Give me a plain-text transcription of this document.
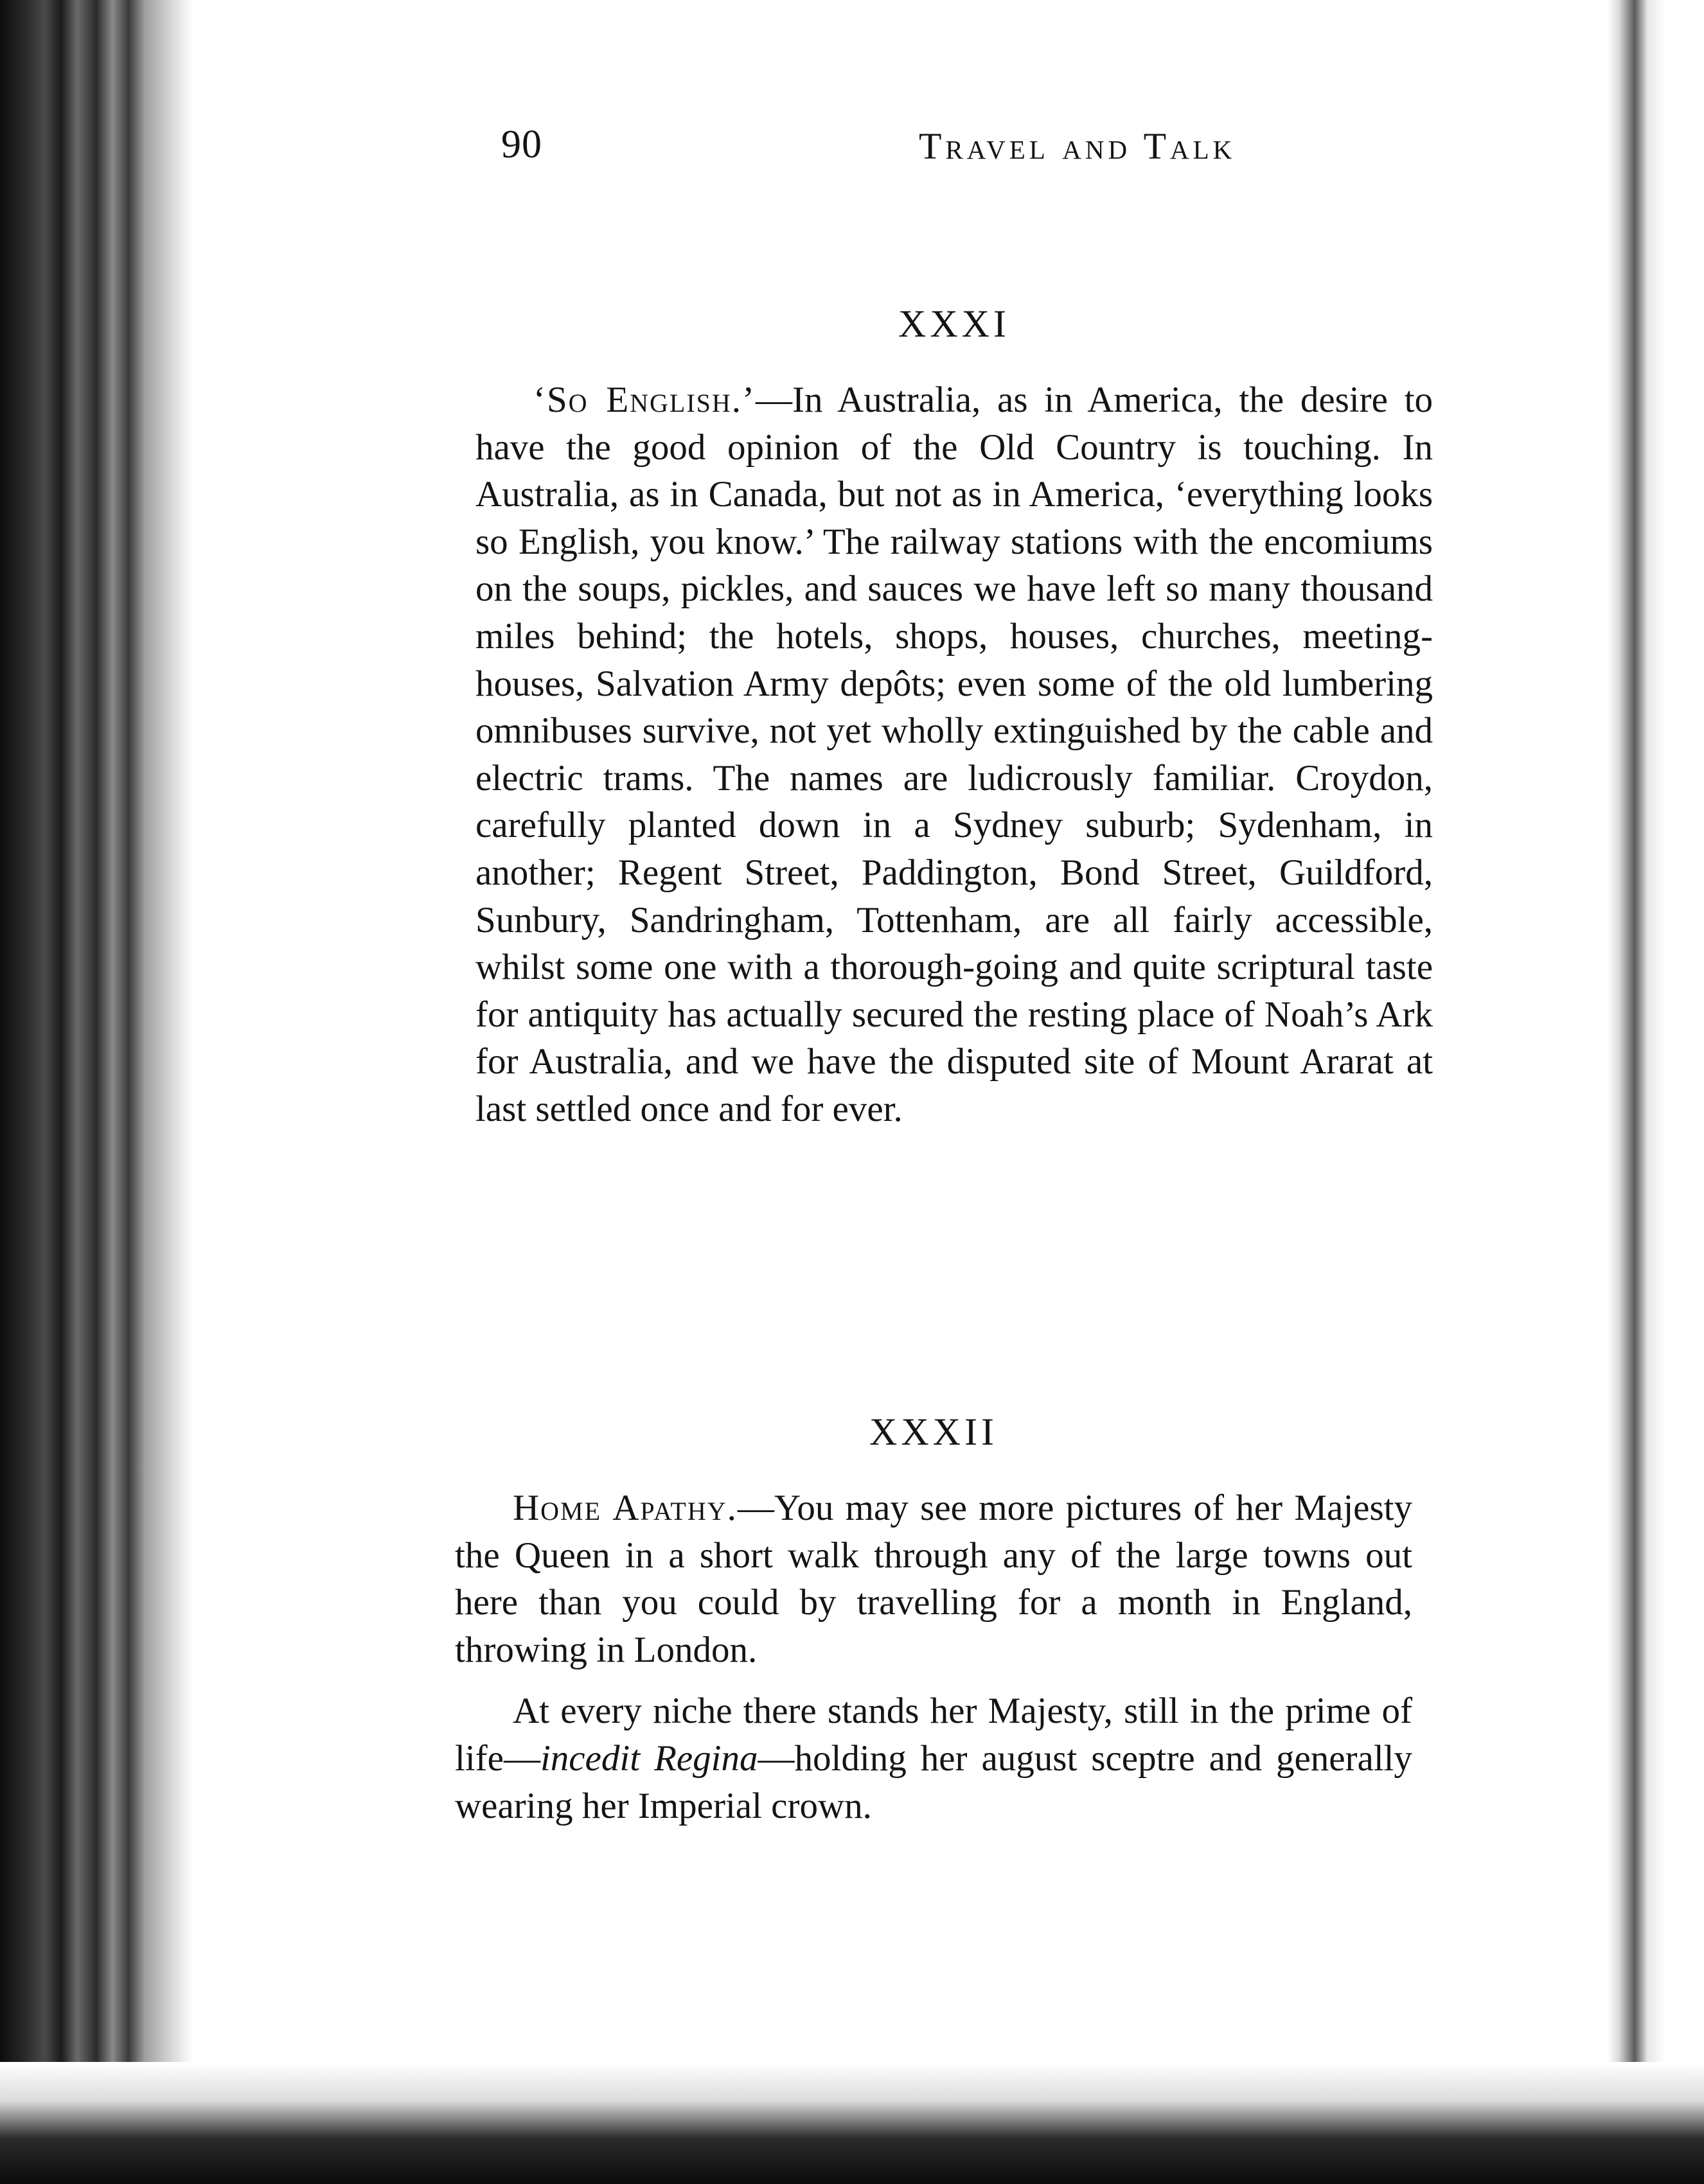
90	Travel and Talk
XXXI

‘So English.’—In Australia, as in America, the desire to have the good opinion of the Old Country is touching. In Australia, as in Canada, but not as in America, ‘everything looks so English, you know.’ The railway stations with the encomiums on the soups, pickles, and sauces we have left so many thousand miles behind; the hotels, shops, houses, churches, meeting-houses, Salvation Army depôts; even some of the old lumbering omnibuses survive, not yet wholly extinguished by the cable and electric trams. The names are ludicrously familiar. Croydon, carefully planted down in a Sydney suburb; Sydenham, in another; Regent Street, Paddington, Bond Street, Guildford, Sunbury, Sandringham, Tottenham, are all fairly accessible, whilst some one with a thorough-going and quite scriptural taste for antiquity has actually secured the resting place of Noah’s Ark for Australia, and we have the disputed site of Mount Ararat at last settled once and for ever.

XXXII

Home Apathy.—You may see more pictures of her Majesty the Queen in a short walk through any of the large towns out here than you could by travelling for a month in England, throwing in London.

At every niche there stands her Majesty, still in the prime of life—incedit Regina—holding her august sceptre and generally wearing her Imperial crown.
